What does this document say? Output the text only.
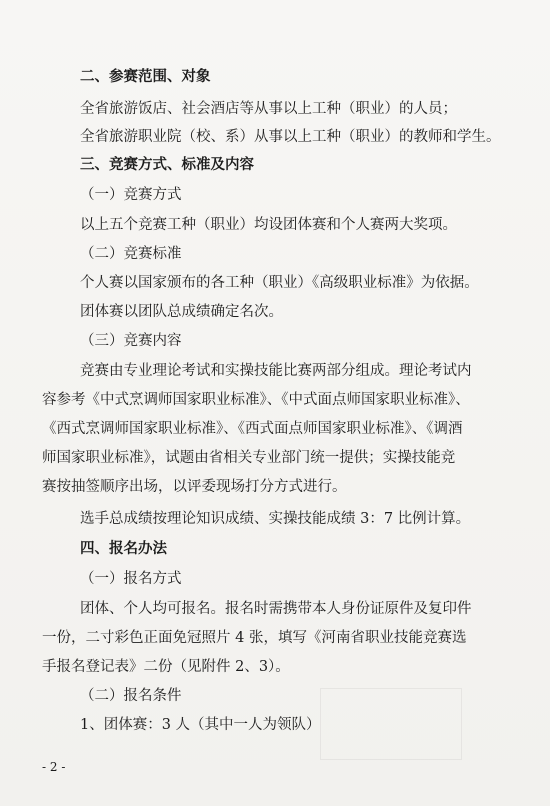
二、参赛范围、对象
全省旅游饭店、社会酒店等从事以上工种（职业）的人员；
全省旅游职业院（校、系）从事以上工种（职业）的教师和学生。
三、竞赛方式、标准及内容
（一）竞赛方式
以上五个竞赛工种（职业）均设团体赛和个人赛两大奖项。
（二）竞赛标准
个人赛以国家颁布的各工种（职业）《高级职业标准》为依据。
团体赛以团队总成绩确定名次。
（三）竞赛内容
竞赛由专业理论考试和实操技能比赛两部分组成。理论考试内
容参考《中式烹调师国家职业标准》、《中式面点师国家职业标准》、
《西式烹调师国家职业标准》、《西式面点师国家职业标准》、《调酒
师国家职业标准》，试题由省相关专业部门统一提供；实操技能竞
赛按抽签顺序出场，以评委现场打分方式进行。
选手总成绩按理论知识成绩、实操技能成绩 3：7 比例计算。
四、报名办法
（一）报名方式
团体、个人均可报名。报名时需携带本人身份证原件及复印件
一份，二寸彩色正面免冠照片 4 张，填写《河南省职业技能竞赛选
手报名登记表》二份（见附件 2、3）。
（二）报名条件
1、团体赛：3 人（其中一人为领队）
- 2 -
